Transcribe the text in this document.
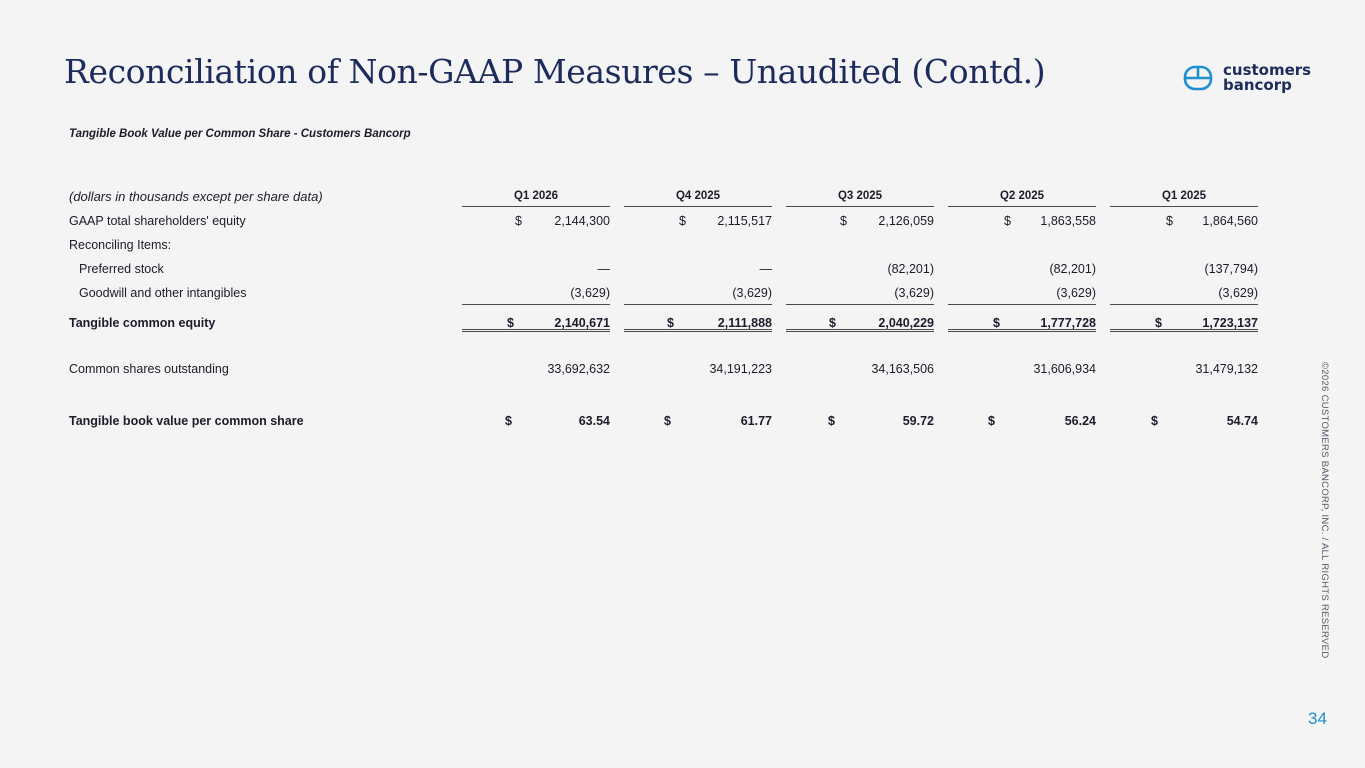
Reconciliation of Non-GAAP Measures – Unaudited (Contd.)	customers
bancorp
Tangible Book Value per Common Share - Customers Bancorp
(dollars in thousands except per share data)	Q1 2026	Q4 2025	Q3 2025	Q2 2025	Q1 2025
GAAP total shareholders' equity	$	2,144,300	$	2,115,517	$	2,126,059	$ 1,863,558	$ 1,864,560
Reconciling Items:
Preferred stock	—	—	(82,201)	(82,201)	(137,794)
Goodwill and other intangibles	(3,629)	(3,629)	(3,629)	(3,629)	(3,629)
Tangible common equity	$	2,140,671	$	2,111,888	$	2,040,229	$	1,777,728	$	1,723,137
Common shares outstanding	33,692,632	34,191,223	34,163,506	31,606,934	31,479,132
Tangible book value per common share	$	63.54	$	61.77	$	59.72	$	56.24	$	54.74	©2026 CUSTOMERS BANCORP, INC. / ALL RIGHTS RESERVED
34
